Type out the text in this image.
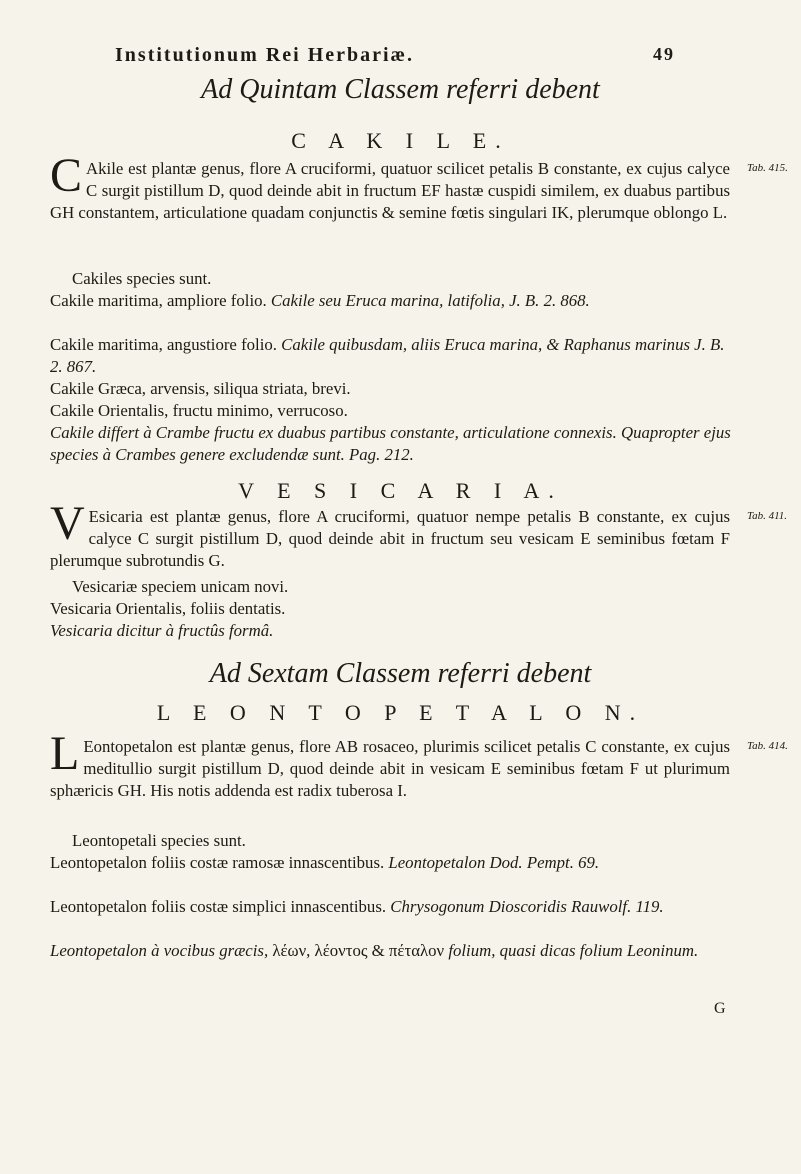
Institutionum Rei Herbariæ.	49
Ad Quintam Classem referri debent
C A K I L E.
C Akile est plantæ genus, flore A cruciformi, quatuor scilicet petalis B constante, ex cujus calyce C surgit pistillum D, quod deinde abit in fructum EF hastæ cuspidi similem, ex duabus partibus GH constantem, articulatione quadam conjunctis & semine fœtis singulari IK, plerumque oblongo L.
Tab. 415.
Cakiles species sunt.
Cakile maritima, ampliore folio. Cakile seu Eruca marina, latifolia, J. B. 2. 868.
Cakile maritima, angustiore folio. Cakile quibusdam, aliis Eruca marina, & Raphanus marinus J. B. 2. 867.
Cakile Græca, arvensis, siliqua striata, brevi.
Cakile Orientalis, fructu minimo, verrucoso.
Cakile differt à Crambe fructu ex duabus partibus constante, articulatione connexis. Quapropter ejus species à Crambes genere excludendæ sunt. Pag. 212.
V E S I C A R I A.
V Esicaria est plantæ genus, flore A cruciformi, quatuor nempe petalis B constante, ex cujus calyce C surgit pistillum D, quod deinde abit in fructum seu vesicam E seminibus fœtam F plerumque subrotundis G.
Tab. 411.
Vesicariæ speciem unicam novi.
Vesicaria Orientalis, foliis dentatis.
Vesicaria dicitur à fructûs formâ.
Ad Sextam Classem referri debent
L E O N T O P E T A L O N.
L Eontopetalon est plantæ genus, flore AB rosaceo, plurimis scilicet petalis C constante, ex cujus meditullio surgit pistillum D, quod deinde abit in vesicam E seminibus fœtam F ut plurimum sphæricis GH. His notis addenda est radix tuberosa I.
Tab. 414.
Leontopetali species sunt.
Leontopetalon foliis costæ ramosæ innascentibus. Leontopetalon Dod. Pempt. 69.
Leontopetalon foliis costæ simplici innascentibus. Chrysogonum Dioscoridis Rauwolf. 119.
Leontopetalon à vocibus græcis, λέων, λέοντος & πέταλον folium, quasi dicas folium Leoninum.
G
